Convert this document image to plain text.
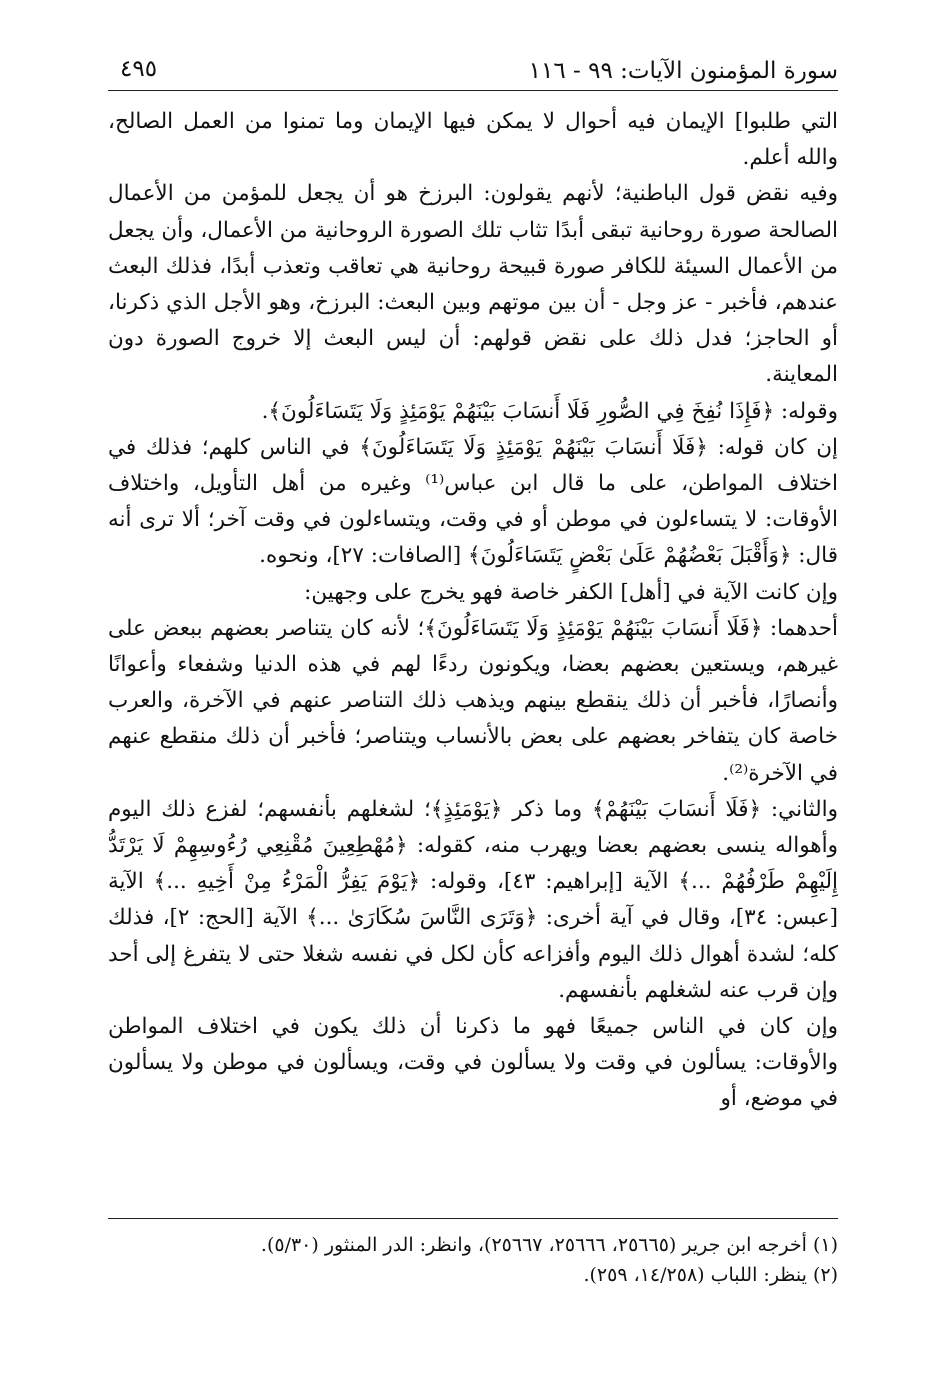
سورة المؤمنون الآيات: ٩٩ - ١١٦
٤٩٥

التي طلبوا] الإيمان فيه أحوال لا يمكن فيها الإيمان وما تمنوا من العمل الصالح، والله أعلم.

وفيه نقض قول الباطنية؛ لأنهم يقولون: البرزخ هو أن يجعل للمؤمن من الأعمال الصالحة صورة روحانية تبقى أبدًا تثاب تلك الصورة الروحانية من الأعمال، وأن يجعل من الأعمال السيئة للكافر صورة قبيحة روحانية هي تعاقب وتعذب أبدًا، فذلك البعث عندهم، فأخبر - عز وجل - أن بين موتهم وبين البعث: البرزخ، وهو الأجل الذي ذكرنا، أو الحاجز؛ فدل ذلك على نقض قولهم: أن ليس البعث إلا خروج الصورة دون المعاينة.

وقوله: ﴿فَإِذَا نُفِخَ فِي الصُّورِ فَلَا أَنسَابَ بَيْنَهُمْ يَوْمَئِذٍ وَلَا يَتَسَاءَلُونَ﴾.

إن كان قوله: ﴿فَلَا أَنسَابَ بَيْنَهُمْ يَوْمَئِذٍ وَلَا يَتَسَاءَلُونَ﴾ في الناس كلهم؛ فذلك في اختلاف المواطن، على ما قال ابن عباس⁽¹⁾ وغيره من أهل التأويل، واختلاف الأوقات: لا يتساءلون في موطن أو في وقت، ويتساءلون في وقت آخر؛ ألا ترى أنه قال: ﴿وَأَقْبَلَ بَعْضُهُمْ عَلَىٰ بَعْضٍ يَتَسَاءَلُونَ﴾ [الصافات: ٢٧]، ونحوه.

وإن كانت الآية في [أهل] الكفر خاصة فهو يخرج على وجهين:

أحدهما: ﴿فَلَا أَنسَابَ بَيْنَهُمْ يَوْمَئِذٍ وَلَا يَتَسَاءَلُونَ﴾؛ لأنه كان يتناصر بعضهم ببعض على غيرهم، ويستعين بعضهم بعضا، ويكونون ردءًا لهم في هذه الدنيا وشفعاء وأعوانًا وأنصارًا، فأخبر أن ذلك ينقطع بينهم ويذهب ذلك التناصر عنهم في الآخرة، والعرب خاصة كان يتفاخر بعضهم على بعض بالأنساب ويتناصر؛ فأخبر أن ذلك منقطع عنهم في الآخرة⁽²⁾.

والثاني: ﴿فَلَا أَنسَابَ بَيْنَهُمْ﴾ وما ذكر ﴿يَوْمَئِذٍ﴾؛ لشغلهم بأنفسهم؛ لفزع ذلك اليوم وأهواله ينسى بعضهم بعضا ويهرب منه، كقوله: ﴿مُهْطِعِينَ مُقْنِعِي رُءُوسِهِمْ لَا يَرْتَدُّ إِلَيْهِمْ طَرْفُهُمْ ...﴾ الآية [إبراهيم: ٤٣]، وقوله: ﴿يَوْمَ يَفِرُّ الْمَرْءُ مِنْ أَخِيهِ ...﴾ الآية [عبس: ٣٤]، وقال في آية أخرى: ﴿وَتَرَى النَّاسَ سُكَارَىٰ ...﴾ الآية [الحج: ٢]، فذلك كله؛ لشدة أهوال ذلك اليوم وأفزاعه كأن لكل في نفسه شغلا حتى لا يتفرغ إلى أحد وإن قرب عنه لشغلهم بأنفسهم.

وإن كان في الناس جميعًا فهو ما ذكرنا أن ذلك يكون في اختلاف المواطن والأوقات: يسألون في وقت ولا يسألون في وقت، ويسألون في موطن ولا يسألون في موضع، أو

(١) أخرجه ابن جرير (٢٥٦٦٥، ٢٥٦٦٦، ٢٥٦٦٧)، وانظر: الدر المنثور (٥/٣٠).

(٢) ينظر: اللباب (١٤/٢٥٨، ٢٥٩).
